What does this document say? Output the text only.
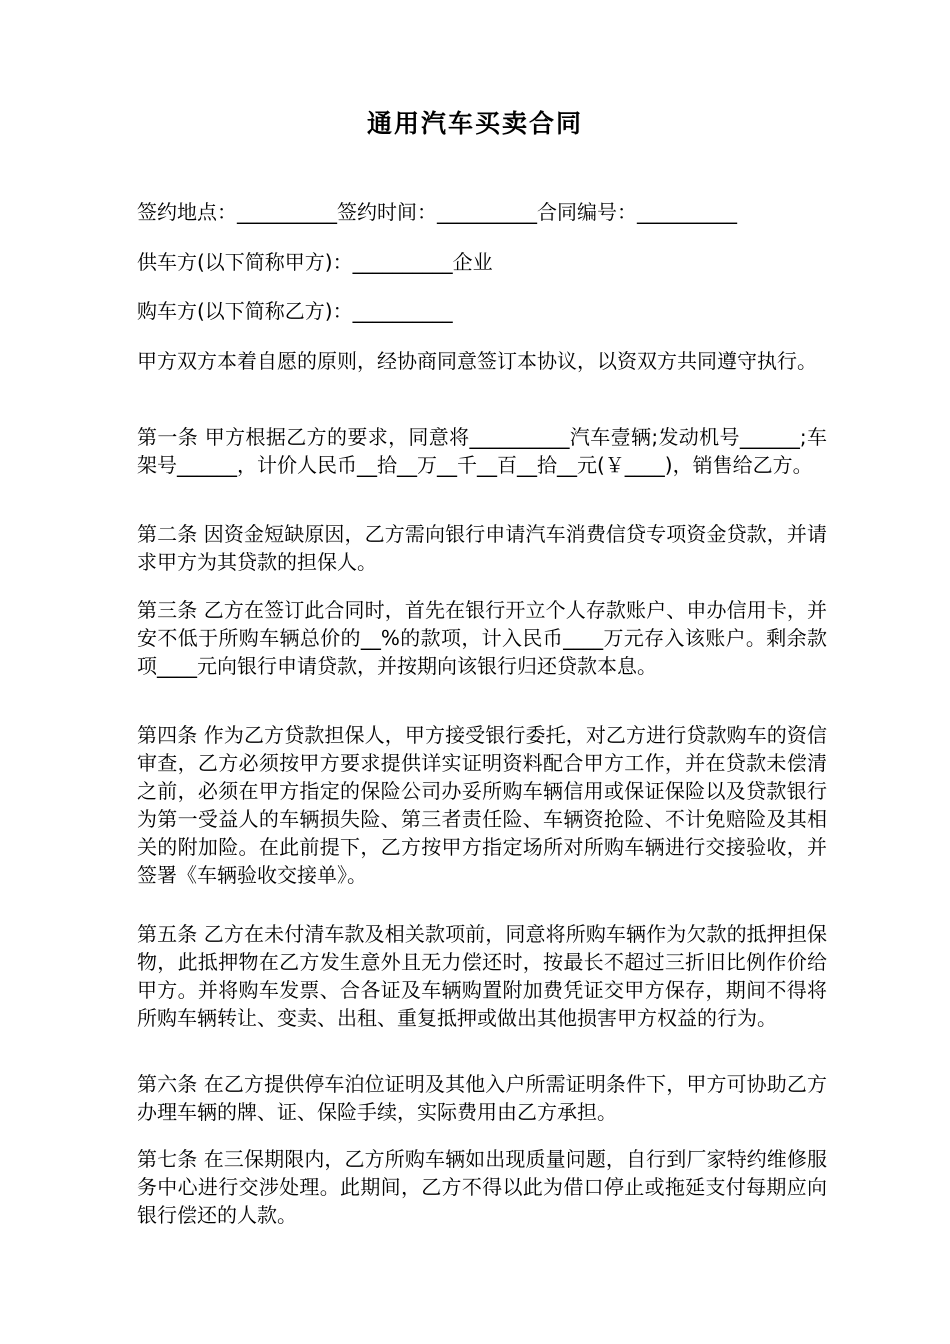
通用汽车买卖合同
签约地点：__________签约时间：__________合同编号：__________
供车方(以下简称甲方)：__________企业
购车方(以下简称乙方)：__________
甲方双方本着自愿的原则，经协商同意签订本协议，以资双方共同遵守执行。
第一条 甲方根据乙方的要求，同意将__________汽车壹辆;发动机号______;车架号______，计价人民币__拾__万__千__百__拾__元(￥____)，销售给乙方。
第二条 因资金短缺原因，乙方需向银行申请汽车消费信贷专项资金贷款，并请求甲方为其贷款的担保人。
第三条 乙方在签订此合同时，首先在银行开立个人存款账户、申办信用卡，并安不低于所购车辆总价的__%的款项，计入民币____万元存入该账户。剩余款项____元向银行申请贷款，并按期向该银行归还贷款本息。
第四条 作为乙方贷款担保人，甲方接受银行委托，对乙方进行贷款购车的资信审查，乙方必须按甲方要求提供详实证明资料配合甲方工作，并在贷款未偿清之前，必须在甲方指定的保险公司办妥所购车辆信用或保证保险以及贷款银行为第一受益人的车辆损失险、第三者责任险、车辆资抢险、不计免赔险及其相关的附加险。在此前提下，乙方按甲方指定场所对所购车辆进行交接验收，并签署《车辆验收交接单》。
第五条 乙方在未付清车款及相关款项前，同意将所购车辆作为欠款的抵押担保物，此抵押物在乙方发生意外且无力偿还时，按最长不超过三折旧比例作价给甲方。并将购车发票、合各证及车辆购置附加费凭证交甲方保存，期间不得将所购车辆转让、变卖、出租、重复抵押或做出其他损害甲方权益的行为。
第六条 在乙方提供停车泊位证明及其他入户所需证明条件下，甲方可协助乙方办理车辆的牌、证、保险手续，实际费用由乙方承担。
第七条 在三保期限内，乙方所购车辆如出现质量问题，自行到厂家特约维修服务中心进行交涉处理。此期间，乙方不得以此为借口停止或拖延支付每期应向银行偿还的人款。
